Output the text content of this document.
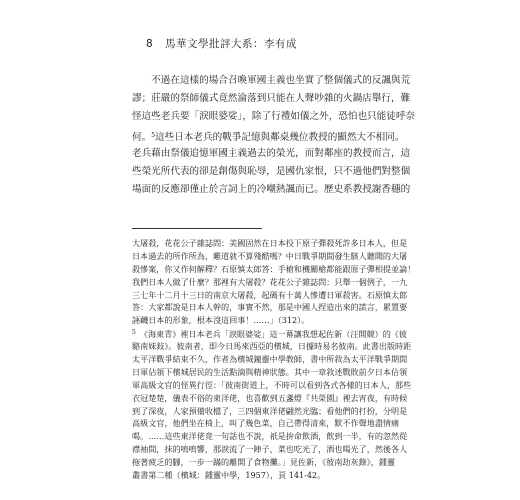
8 馬華文學批評大系：李有成
　　不過在這樣的場合召喚軍國主義也坐實了整個儀式的反諷與荒
謬；莊嚴的祭師儀式竟然淪落到只能在人聲吵雜的火鍋店舉行，難
怪這些老兵要「淚眼婆娑」，除了行禮如儀之外，恐怕也只能徒呼奈
何。$^5$這些日本老兵的戰爭記憶與鄰桌幾位教授的顯然大不相同。
老兵藉由祭儀追憶軍國主義過去的榮光，而對鄰座的教授而言，這
些榮光所代表的卻是創傷與恥辱，是國仇家恨，只不過他們對整個
場面的反應卻僅止於言詞上的冷嘲熱諷而已。歷史系教授謝香穗的
大屠殺，花花公子雜誌問：美國固然在日本投下原子彈殺死許多日本人，但是
日本過去的所作所為，難道就不算殘酷嗎？中日戰爭期間發生駭人聽聞的大屠
殺慘案，你又作何解釋？石原慎太郎答：手槍和機關槍都能跟原子彈相提並論！
我們日本人做了什麼？那裡有大屠殺？花花公子雜誌問：只舉一個例子，一九
三七年十二月十三日的南京大屠殺，起碼有十萬人慘遭日軍殺害。石原慎太郎
答：大家都說是日本人幹的，事實不然，那是中國人捏造出來的謊言，累置要
誣衊日本的形象，根本沒這回事！……」（312）。
$^5$　 《海東青》裡日本老兵「淚眼婆娑」這一幕讓我想起佐新（汪開競）的《彼
駱南妹鈙》。彼南者，即今日馬來西亞的檳城，日據時易名彼南。此書出版時距
太平洋戰爭結束不久，作者為檳城鐘靈中學教師，書中所敘為太平洋戰爭期間
日軍佔領下檳城居民的生活點滴與精神狀態。其中一章敘述戰敗前夕日本佔領
軍高級文官的怪異行徑：「彼南街道上，不時可以看到各式各樣的日本人，那些
衣冠楚楚，儀表不俗的東洋佬，也喜歡到五盞燈『共榮園』裡去宵夜，有時候
到了深夜，人家預備收檔了，三四個東洋佬翩然光臨；看他們的打扮，分明是
高級文官，他們坐在椅上，叫了幾色菜，自己帶得清來，默不作聲地盡情痛
喝。……這些東洋佬竟一句話也不說，祇是拚命飲酒，飲到一半，有的忽然從
襟袖間，抹的嗚嗚響，那淚流了一陣子，菜也吃光了，酒也喝光了，然後各人
拖著疲乏的腳，一步一蹣的離開了食物攤。」見佐新，《彼南劫灰錄》，鍾靈
叢書第二種（檳城：鍾靈中學，1957），頁 141-42。
